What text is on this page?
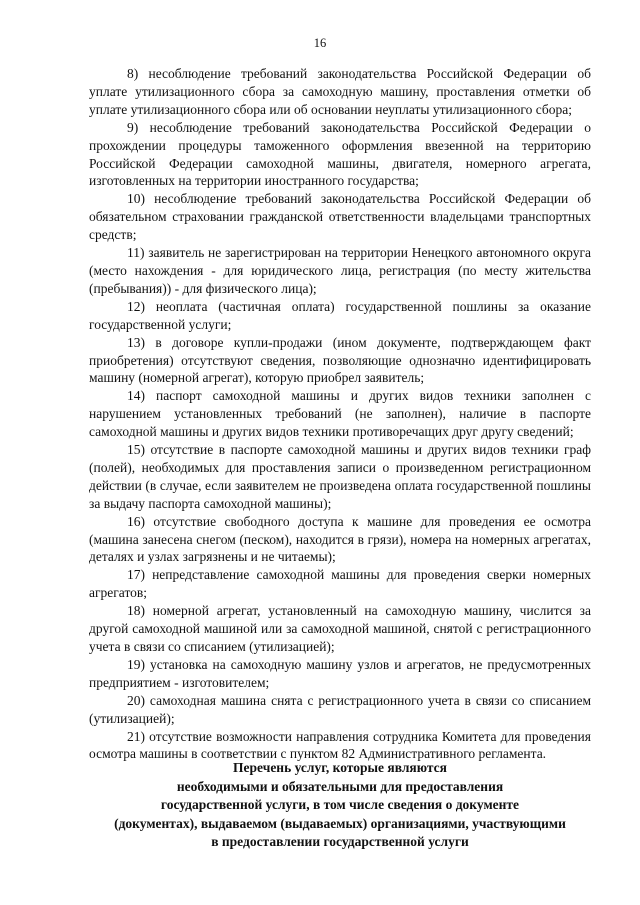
16

8) несоблюдение требований законодательства Российской Федерации об уплате утилизационного сбора за самоходную машину, проставления отметки об уплате утилизационного сбора или об основании неуплаты утилизационного сбора;

9) несоблюдение требований законодательства Российской Федерации о прохождении процедуры таможенного оформления ввезенной на территорию Российской Федерации самоходной машины, двигателя, номерного агрегата, изготовленных на территории иностранного государства;

10) несоблюдение требований законодательства Российской Федерации об обязательном страховании гражданской ответственности владельцами транспортных средств;

11) заявитель не зарегистрирован на территории Ненецкого автономного округа (место нахождения - для юридического лица, регистрация (по месту жительства (пребывания)) - для физического лица);

12) неоплата (частичная оплата) государственной пошлины за оказание государственной услуги;

13) в договоре купли-продажи (ином документе, подтверждающем факт приобретения) отсутствуют сведения, позволяющие однозначно идентифицировать машину (номерной агрегат), которую приобрел заявитель;

14) паспорт самоходной машины и других видов техники заполнен с нарушением установленных требований (не заполнен), наличие в паспорте самоходной машины и других видов техники противоречащих друг другу сведений;

15) отсутствие в паспорте самоходной машины и других видов техники граф (полей), необходимых для проставления записи о произведенном регистрационном действии (в случае, если заявителем не произведена оплата государственной пошлины за выдачу паспорта самоходной машины);

16) отсутствие свободного доступа к машине для проведения ее осмотра (машина занесена снегом (песком), находится в грязи), номера на номерных агрегатах, деталях и узлах загрязнены и не читаемы);

17) непредставление самоходной машины для проведения сверки номерных агрегатов;

18) номерной агрегат, установленный на самоходную машину, числится за другой самоходной машиной или за самоходной машиной, снятой с регистрационного учета в связи со списанием (утилизацией);

19) установка на самоходную машину узлов и агрегатов, не предусмотренных предприятием - изготовителем;

20) самоходная машина снята с регистрационного учета в связи со списанием (утилизацией);

21) отсутствие возможности направления сотрудника Комитета для проведения осмотра машины в соответствии с пунктом 82 Административного регламента.

Перечень услуг, которые являются
необходимыми и обязательными для предоставления
государственной услуги, в том числе сведения о документе
(документах), выдаваемом (выдаваемых) организациями, участвующими
в предоставлении государственной услуги
